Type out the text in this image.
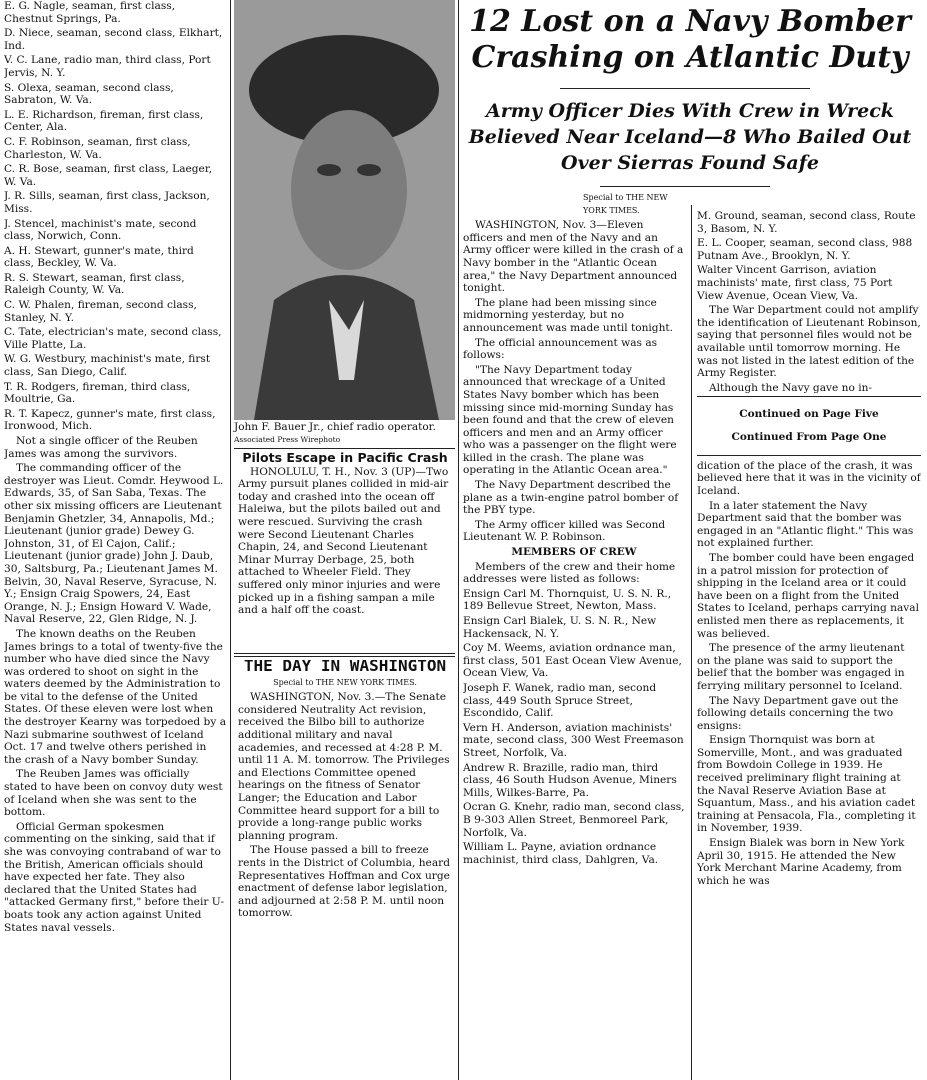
E. G. Nagle, seaman, first class, Chestnut Springs, Pa.

D. Niece, seaman, second class, Elkhart, Ind.

V. C. Lane, radio man, third class, Port Jervis, N. Y.

S. Olexa, seaman, second class, Sabraton, W. Va.

L. E. Richardson, fireman, first class, Center, Ala.

C. F. Robinson, seaman, first class, Charleston, W. Va.

C. R. Bose, seaman, first class, Laeger, W. Va.

J. R. Sills, seaman, first class, Jackson, Miss.

J. Stencel, machinist's mate, second class, Norwich, Conn.

A. H. Stewart, gunner's mate, third class, Beckley, W. Va.

R. S. Stewart, seaman, first class, Raleigh County, W. Va.

C. W. Phalen, fireman, second class, Stanley, N. Y.

C. Tate, electrician's mate, second class, Ville Platte, La.

W. G. Westbury, machinist's mate, first class, San Diego, Calif.

T. R. Rodgers, fireman, third class, Moultrie, Ga.

R. T. Kapecz, gunner's mate, first class, Ironwood, Mich.

Not a single officer of the Reuben James was among the survivors.

The commanding officer of the destroyer was Lieut. Comdr. Heywood L. Edwards, 35, of San Saba, Texas. The other six missing officers are Lieutenant Benjamin Ghetzler, 34, Annapolis, Md.; Lieutenant (junior grade) Dewey G. Johnston, 31, of El Cajon, Calif.; Lieutenant (junior grade) John J. Daub, 30, Saltsburg, Pa.; Lieutenant James M. Belvin, 30, Naval Reserve, Syracuse, N. Y.; Ensign Craig Spowers, 24, East Orange, N. J.; Ensign Howard V. Wade, Naval Reserve, 22, Glen Ridge, N. J.

The known deaths on the Reuben James brings to a total of twenty-five the number who have died since the Navy was ordered to shoot on sight in the waters deemed by the Administration to be vital to the defense of the United States. Of these eleven were lost when the destroyer Kearny was torpedoed by a Nazi submarine southwest of Iceland Oct. 17 and twelve others perished in the crash of a Navy bomber Sunday.

The Reuben James was officially stated to have been on convoy duty west of Iceland when she was sent to the bottom.

Official German spokesmen commenting on the sinking, said that if she was convoying contraband of war to the British, American officials should have expected her fate. They also declared that the United States had "attacked Germany first," before their U-boats took any action against United States naval vessels.

John F. Bauer Jr., chief radio operator. Associated Press Wirephoto

Pilots Escape in Pacific Crash

HONOLULU, T. H., Nov. 3 (UP)—Two Army pursuit planes collided in mid-air today and crashed into the ocean off Haleiwa, but the pilots bailed out and were rescued. Surviving the crash were Second Lieutenant Charles Chapin, 24, and Second Lieutenant Minar Murray Derbage, 25, both attached to Wheeler Field. They suffered only minor injuries and were picked up in a fishing sampan a mile and a half off the coast.

THE DAY IN WASHINGTON

Special to THE NEW YORK TIMES.

WASHINGTON, Nov. 3.—The Senate considered Neutrality Act revision, received the Bilbo bill to authorize additional military and naval academies, and recessed at 4:28 P. M. until 11 A. M. tomorrow. The Privileges and Elections Committee opened hearings on the fitness of Senator Langer; the Education and Labor Committee heard support for a bill to provide a long-range public works planning program.

The House passed a bill to freeze rents in the District of Columbia, heard Representatives Hoffman and Cox urge enactment of defense labor legislation, and adjourned at 2:58 P. M. until noon tomorrow.

12 Lost on a Navy Bomber Crashing on Atlantic Duty
Army Officer Dies With Crew in Wreck Believed Near Iceland—8 Who Bailed Out Over Sierras Found Safe

Special to THE NEW YORK TIMES.

WASHINGTON, Nov. 3—Eleven officers and men of the Navy and an Army officer were killed in the crash of a Navy bomber in the "Atlantic Ocean area," the Navy Department announced tonight.

The plane had been missing since midmorning yesterday, but no announcement was made until tonight.

The official announcement was as follows:

"The Navy Department today announced that wreckage of a United States Navy bomber which has been missing since mid-morning Sunday has been found and that the crew of eleven officers and men and an Army officer who was a passenger on the flight were killed in the crash. The plane was operating in the Atlantic Ocean area."

The Navy Department described the plane as a twin-engine patrol bomber of the PBY type.

The Army officer killed was Second Lieutenant W. P. Robinson.

MEMBERS OF CREW

Members of the crew and their home addresses were listed as follows:

Ensign Carl M. Thornquist, U. S. N. R., 189 Bellevue Street, Newton, Mass.

Ensign Carl Bialek, U. S. N. R., New Hackensack, N. Y.

Coy M. Weems, aviation ordnance man, first class, 501 East Ocean View Avenue, Ocean View, Va.

Joseph F. Wanek, radio man, second class, 449 South Spruce Street, Escondido, Calif.

Vern H. Anderson, aviation machinists' mate, second class, 300 West Freemason Street, Norfolk, Va.

Andrew R. Brazille, radio man, third class, 46 South Hudson Avenue, Miners Mills, Wilkes-Barre, Pa.

Ocran G. Knehr, radio man, second class, B 9-303 Allen Street, Benmoreel Park, Norfolk, Va.

William L. Payne, aviation ordnance machinist, third class, Dahlgren, Va.

M. Ground, seaman, second class, Route 3, Basom, N. Y.

E. L. Cooper, seaman, second class, 988 Putnam Ave., Brooklyn, N. Y.

Walter Vincent Garrison, aviation machinists' mate, first class, 75 Port View Avenue, Ocean View, Va.

The War Department could not amplify the identification of Lieutenant Robinson, saying that personnel files would not be available until tomorrow morning. He was not listed in the latest edition of the Army Register.

Although the Navy gave no in-

Continued on Page Five

Continued From Page One

dication of the place of the crash, it was believed here that it was in the vicinity of Iceland.

In a later statement the Navy Department said that the bomber was engaged in an "Atlantic flight." This was not explained further.

The bomber could have been engaged in a patrol mission for protection of shipping in the Iceland area or it could have been on a flight from the United States to Iceland, perhaps carrying naval enlisted men there as replacements, it was believed.

The presence of the army lieutenant on the plane was said to support the belief that the bomber was engaged in ferrying military personnel to Iceland.

The Navy Department gave out the following details concerning the two ensigns:

Ensign Thornquist was born at Somerville, Mont., and was graduated from Bowdoin College in 1939. He received preliminary flight training at the Naval Reserve Aviation Base at Squantum, Mass., and his aviation cadet training at Pensacola, Fla., completing it in November, 1939.

Ensign Bialek was born in New York April 30, 1915. He attended the New York Merchant Marine Academy, from which he was
